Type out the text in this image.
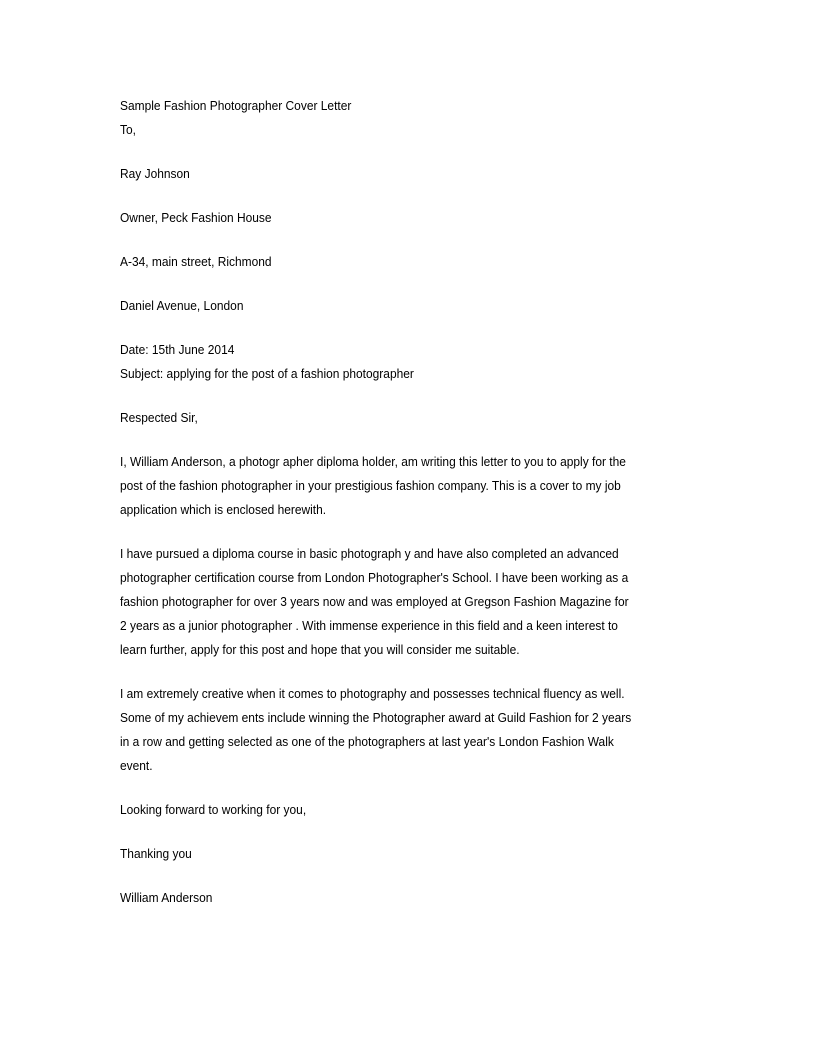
Sample Fashion Photographer Cover Letter
To,
Ray Johnson
Owner, Peck Fashion House
A-34, main street, Richmond
Daniel Avenue, London
Date: 15th June 2014
Subject: applying for the post of a fashion photographer
Respected Sir,
I, William Anderson, a photogr apher diploma holder, am writing this letter to you to apply for the
post of the fashion photographer in your prestigious fashion company. This is a cover to my job
application which is enclosed herewith.
I have pursued a diploma course in basic photograph y and have also completed an advanced
photographer certification course from London Photographer's School. I have been working as a
fashion photographer for over 3 years now and was employed at Gregson Fashion Magazine for
2 years as a junior photographer . With immense experience in this field and a keen interest to
learn further, apply for this post and hope that you will consider me suitable.
I am extremely creative when it comes to photography and possesses technical fluency as well.
Some of my achievem ents include winning the Photographer award at Guild Fashion for 2 years
in a row and getting selected as one of the photographers at last year's London Fashion Walk
event.
Looking forward to working for you,
Thanking you
William Anderson
